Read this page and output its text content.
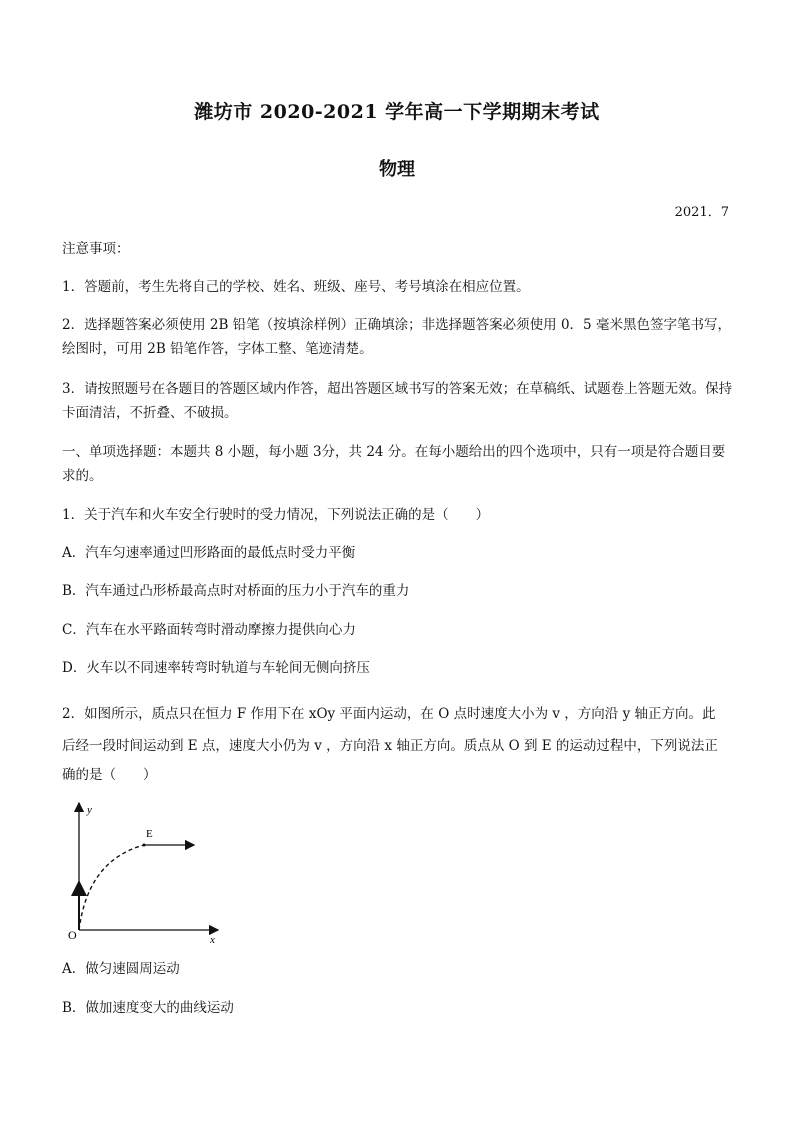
潍坊市 2020-2021 学年高一下学期期末考试
物理
2021．7
注意事项：
1．答题前，考生先将自己的学校、姓名、班级、座号、考号填涂在相应位置。
2．选择题答案必须使用 2B 铅笔（按填涂样例）正确填涂；非选择题答案必须使用 0．5 毫米黑色签字笔书写，绘图时，可用 2B 铅笔作答，字体工整、笔迹清楚。
3．请按照题号在各题目的答题区域内作答，超出答题区域书写的答案无效；在草稿纸、试题卷上答题无效。保持卡面清洁，不折叠、不破损。
一、单项选择题：本题共 8 小题，每小题 3分，共 24 分。在每小题给出的四个选项中，只有一项是符合题目要求的。
1．关于汽车和火车安全行驶时的受力情况，下列说法正确的是（　　）
A．汽车匀速率通过凹形路面的最低点时受力平衡
B．汽车通过凸形桥最高点时对桥面的压力小于汽车的重力
C．汽车在水平路面转弯时滑动摩擦力提供向心力
D．火车以不同速率转弯时轨道与车轮间无侧向挤压
2．如图所示，质点只在恒力 F 作用下在 xOy 平面内运动，在 O 点时速度大小为 v ，方向沿 y 轴正方向。此
后经一段时间运动到 E 点，速度大小仍为 v ，方向沿 x 轴正方向。质点从 O 到 E 的运动过程中，下列说法正
确的是（　　）
y
x
O
E
A．做匀速圆周运动
B．做加速度变大的曲线运动
